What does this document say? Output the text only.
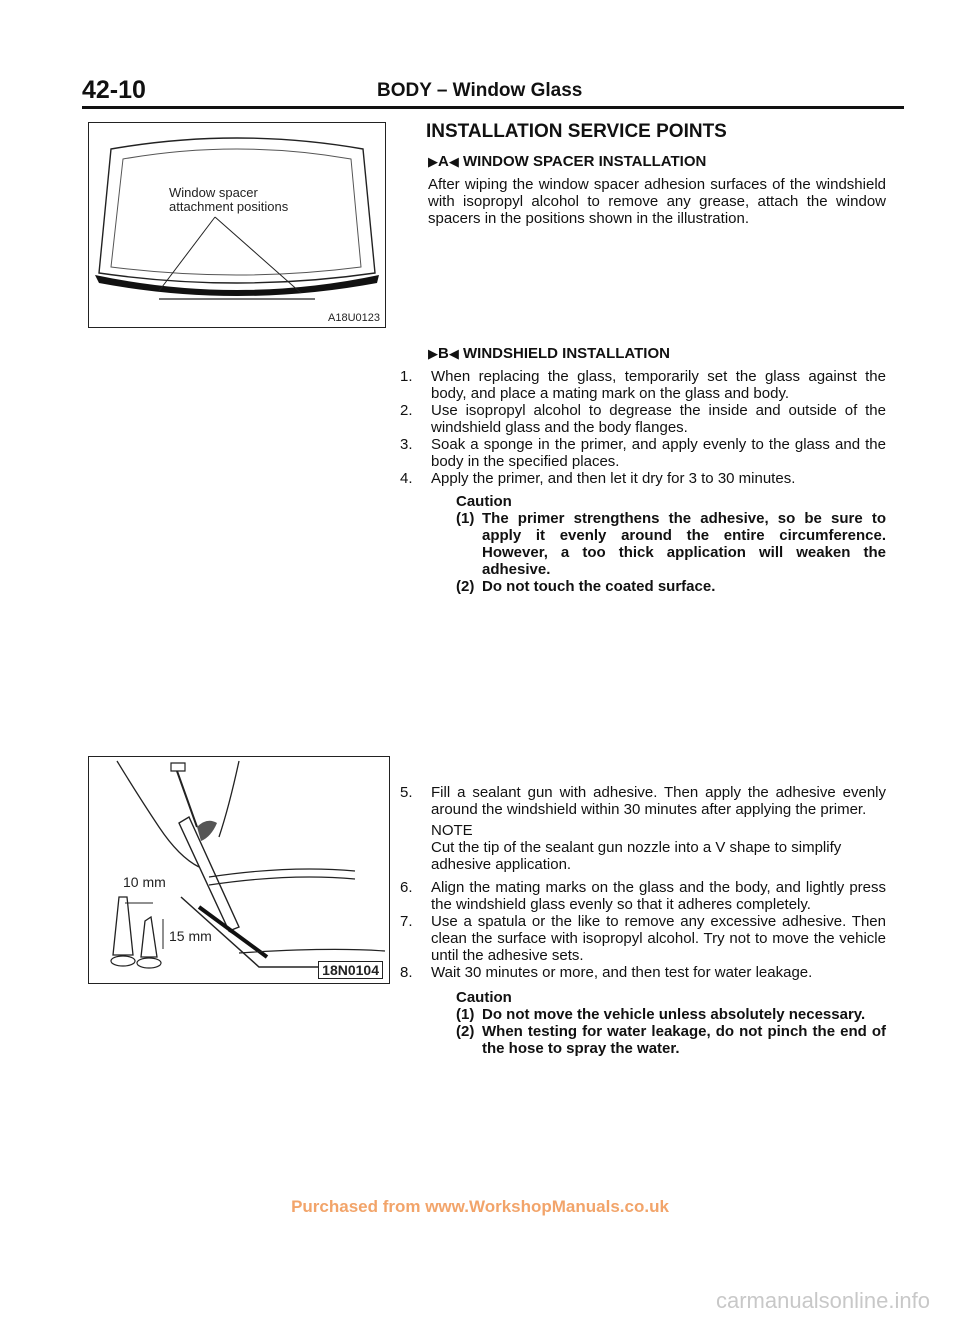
42-10	BODY – Window Glass
Window spacer
attachment positions
A18U0123
10 mm
15 mm
18N0104
INSTALLATION SERVICE POINTS
▶A◀ WINDOW SPACER INSTALLATION

After wiping the window spacer adhesion surfaces of the windshield with isopropyl alcohol to remove any grease, attach the window spacers in the positions shown in the illustration.

▶B◀ WINDSHIELD INSTALLATION
1.	When replacing the glass, temporarily set the glass against the body, and place a mating mark on the glass and body.
2.	Use isopropyl alcohol to degrease the inside and outside of the windshield glass and the body flanges.
3.	Soak a sponge in the primer, and apply evenly to the glass and the body in the specified places.
4.	Apply the primer, and then let it dry for 3 to 30 minutes.
Caution
(1) The primer strengthens the adhesive, so be sure to apply it evenly around the entire circumference. However, a too thick application will weaken the adhesive.
(2) Do not touch the coated surface.
5.	Fill a sealant gun with adhesive. Then apply the adhesive evenly around the windshield within 30 minutes after applying the primer.
NOTE
Cut the tip of the sealant gun nozzle into a V shape to simplify adhesive application.
6.	Align the mating marks on the glass and the body, and lightly press the windshield glass evenly so that it adheres completely.
7.	Use a spatula or the like to remove any excessive adhesive. Then clean the surface with isopropyl alcohol. Try not to move the vehicle until the adhesive sets.
8.	Wait 30 minutes or more, and then test for water leakage.
Caution
(1) Do not move the vehicle unless absolutely necessary.
(2) When testing for water leakage, do not pinch the end of the hose to spray the water.
Purchased from www.WorkshopManuals.co.uk
carmanualsonline.info
